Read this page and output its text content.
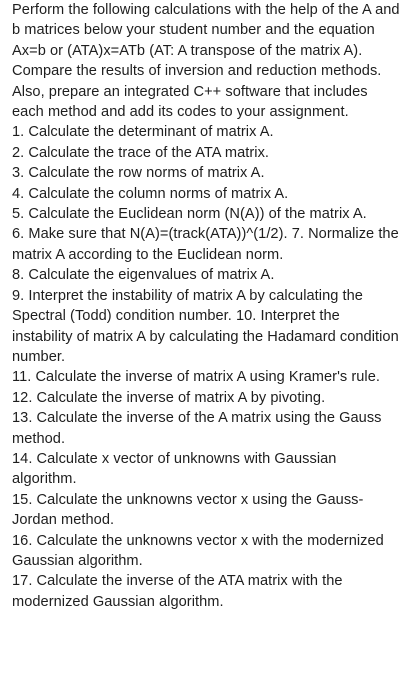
Perform the following calculations with the help of the A and b matrices below your student number and the equation Ax=b or (ATA)x=ATb (AT: A transpose of the matrix A). Compare the results of inversion and reduction methods. Also, prepare an integrated C++ software that includes each method and add its codes to your assignment.

1. Calculate the determinant of matrix A.

2. Calculate the trace of the ATA matrix.

3. Calculate the row norms of matrix A.

4. Calculate the column norms of matrix A.

5. Calculate the Euclidean norm (N(A)) of the matrix A.

6. Make sure that N(A)=(track(ATA))^(1/2). 7. Normalize the matrix A according to the Euclidean norm.

8. Calculate the eigenvalues of matrix A.

9. Interpret the instability of matrix A by calculating the Spectral (Todd) condition number. 10. Interpret the instability of matrix A by calculating the Hadamard condition number.

11. Calculate the inverse of matrix A using Kramer's rule.

12. Calculate the inverse of matrix A by pivoting.

13. Calculate the inverse of the A matrix using the Gauss method.

14. Calculate x vector of unknowns with Gaussian algorithm.

15. Calculate the unknowns vector x using the Gauss-Jordan method.

16. Calculate the unknowns vector x with the modernized Gaussian algorithm.

17. Calculate the inverse of the ATA matrix with the modernized Gaussian algorithm.
